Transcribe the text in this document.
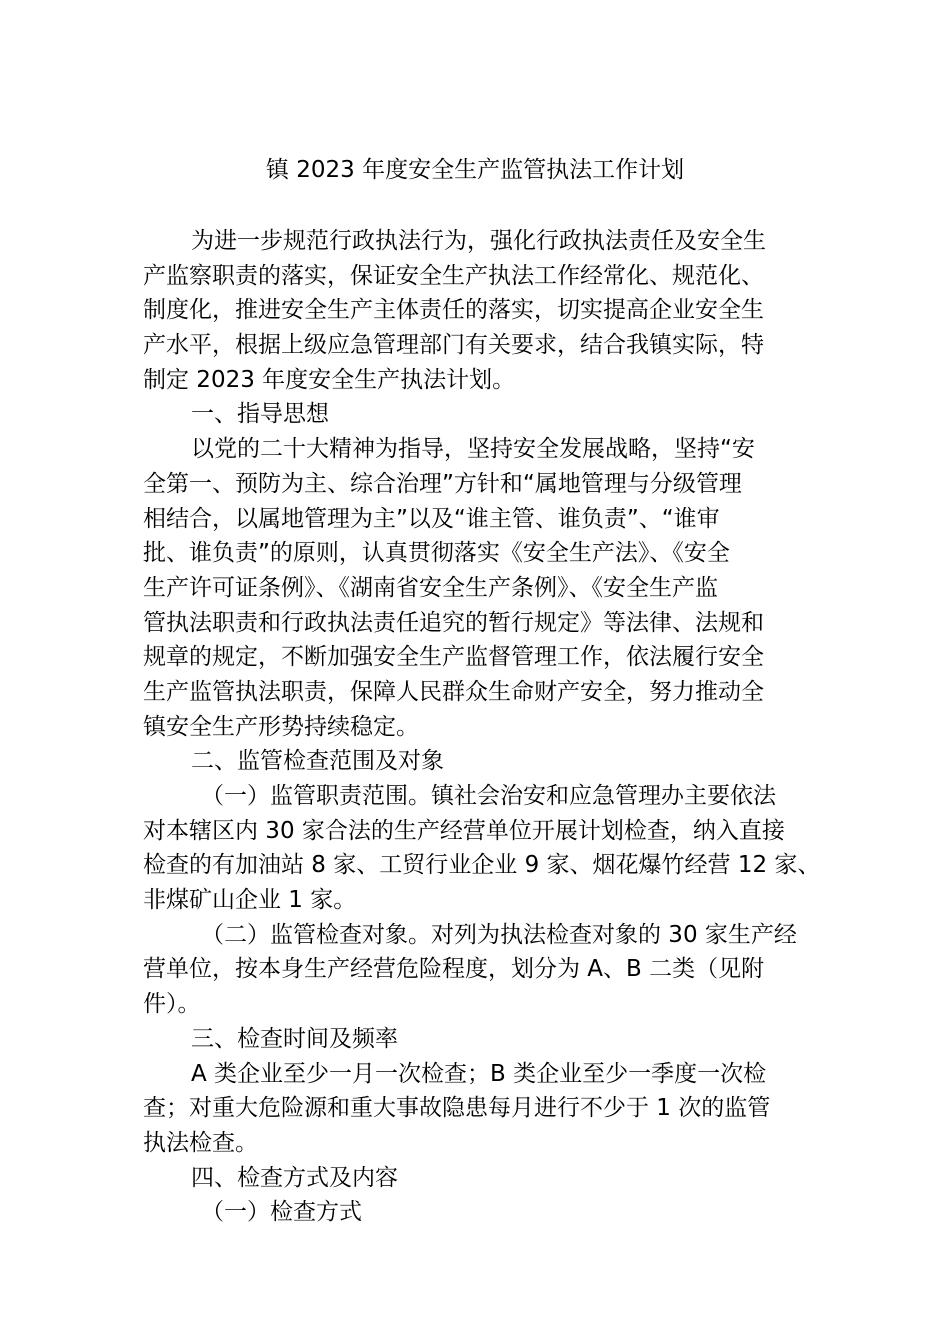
镇 2023 年度安全生产监管执法工作计划
为进一步规范行政执法行为，强化行政执法责任及安全生
产监察职责的落实，保证安全生产执法工作经常化、规范化、
制度化，推进安全生产主体责任的落实，切实提高企业安全生
产水平，根据上级应急管理部门有关要求，结合我镇实际，特
制定 2023 年度安全生产执法计划。
一、指导思想
以党的二十大精神为指导，坚持安全发展战略，坚持“安
全第一、预防为主、综合治理”方针和“属地管理与分级管理
相结合，以属地管理为主”以及“谁主管、谁负责”、“谁审
批、谁负责”的原则，认真贯彻落实《安全生产法》、《安全
生产许可证条例》、《湖南省安全生产条例》、《安全生产监
管执法职责和行政执法责任追究的暂行规定》等法律、法规和
规章的规定，不断加强安全生产监督管理工作，依法履行安全
生产监管执法职责，保障人民群众生命财产安全，努力推动全
镇安全生产形势持续稳定。
二、监管检查范围及对象
（一）监管职责范围。镇社会治安和应急管理办主要依法
对本辖区内 30 家合法的生产经营单位开展计划检查，纳入直接
检查的有加油站 8 家、工贸行业企业 9 家、烟花爆竹经营 12 家、
非煤矿山企业 1 家。
（二）监管检查对象。对列为执法检查对象的 30 家生产经
营单位，按本身生产经营危险程度，划分为 A、B 二类（见附
件）。
三、检查时间及频率
A 类企业至少一月一次检查；B 类企业至少一季度一次检
查；对重大危险源和重大事故隐患每月进行不少于 1 次的监管
执法检查。
四、检查方式及内容
（一）检查方式
